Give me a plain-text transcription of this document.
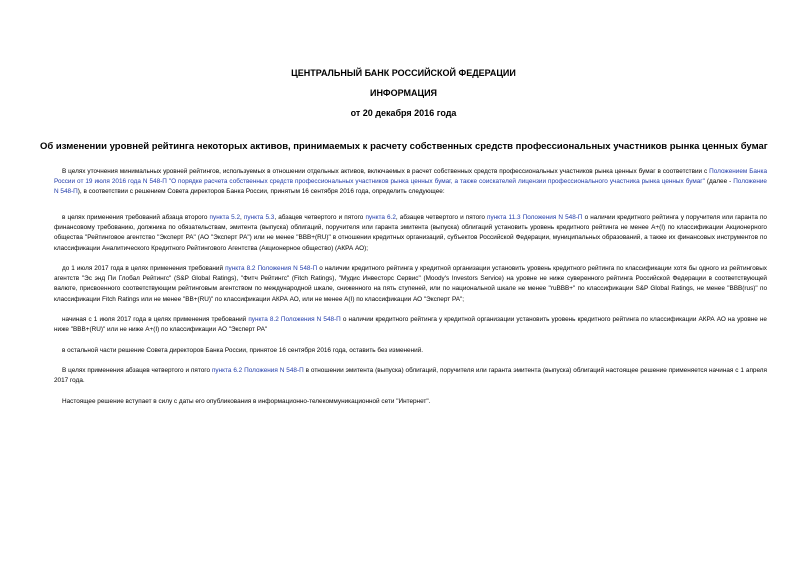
ЦЕНТРАЛЬНЫЙ БАНК РОССИЙСКОЙ ФЕДЕРАЦИИ
ИНФОРМАЦИЯ
от 20 декабря 2016 года
Об изменении уровней рейтинга некоторых активов, принимаемых к расчету собственных средств профессиональных участников рынка ценных бумаг
В целях уточнения минимальных уровней рейтингов, используемых в отношении отдельных активов, включаемых в расчет собственных средств профессиональных участников рынка ценных бумаг в соответствии с Положением Банка России от 19 июля 2016 года N 548-П "О порядке расчета собственных средств профессиональных участников рынка ценных бумаг, а также соискателей лицензии профессионального участника рынка ценных бумаг" (далее - Положение N 548-П), в соответствии с решением Совета директоров Банка России, принятым 16 сентября 2016 года, определить следующее:
в целях применения требований абзаца второго пункта 5.2, пункта 5.3, абзацев четвертого и пятого пункта 6.2, абзацев четвертого и пятого пункта 11.3 Положения N 548-П о наличии кредитного рейтинга у поручителя или гаранта по финансовому требованию, должника по обязательствам, эмитента (выпуска) облигаций, поручителя или гаранта эмитента (выпуска) облигаций установить уровень кредитного рейтинга не менее A+(I) по классификации Акционерного общества "Рейтинговое агентство "Эксперт РА" (АО "Эксперт РА") или не менее "BBB+(RU)" в отношении кредитных организаций, субъектов Российской Федерации, муниципальных образований, а также их финансовых инструментов по классификации Аналитического Кредитного Рейтингового Агентства (Акционерное общество) (АКРА АО);
до 1 июля 2017 года в целях применения требований пункта 8.2 Положения N 548-П о наличии кредитного рейтинга у кредитной организации установить уровень кредитного рейтинга по классификации хотя бы одного из рейтинговых агентств "Эс энд Пи Глобал Рейтингс" (S&P Global Ratings), "Фитч Рейтингс" (Fitch Ratings), "Мудис Инвесторс Сервис" (Moody's Investors Service) на уровне не ниже суверенного рейтинга Российской Федерации в соответствующей валюте, присвоенного соответствующим рейтинговым агентством по международной шкале, сниженного на пять ступеней, или по национальной шкале не менее "ruBBB+" по классификации S&P Global Ratings, не менее "BBB(rus)" по классификации Fitch Ratings или не менее "BB+(RU)" по классификации АКРА АО, или не менее A(I) по классификации АО "Эксперт РА";
начиная с 1 июля 2017 года в целях применения требований пункта 8.2 Положения N 548-П о наличии кредитного рейтинга у кредитной организации установить уровень кредитного рейтинга по классификации АКРА АО на уровне не ниже "BBB+(RU)" или не ниже A+(I) по классификации АО "Эксперт РА"
в остальной части решение Совета директоров Банка России, принятое 16 сентября 2016 года, оставить без изменений.
В целях применения абзацев четвертого и пятого пункта 6.2 Положения N 548-П в отношении эмитента (выпуска) облигаций, поручителя или гаранта эмитента (выпуска) облигаций настоящее решение применяется начиная с 1 апреля 2017 года.
Настоящее решение вступает в силу с даты его опубликования в информационно-телекоммуникационной сети "Интернет".
